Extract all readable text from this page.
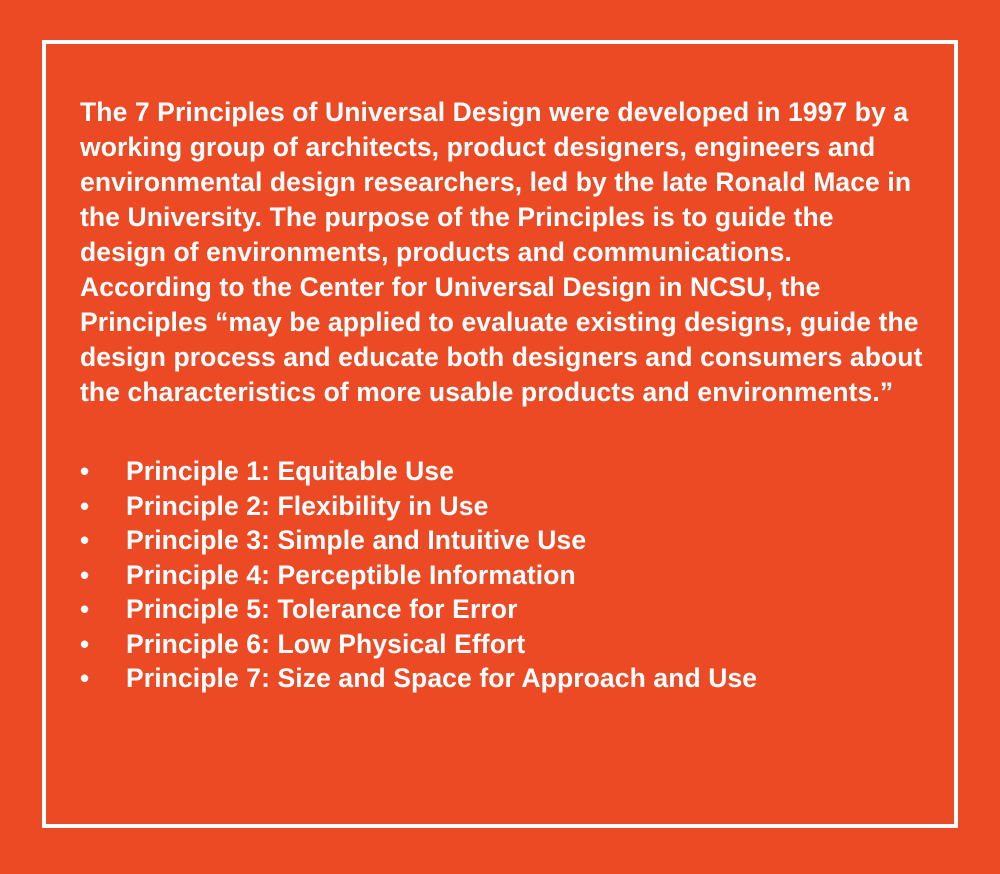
The 7 Principles of Universal Design were developed in 1997 by a working group of architects, product designers, engineers and environmental design researchers, led by the late Ronald Mace in the University. The purpose of the Principles is to guide the design of environments, products and communications. According to the Center for Universal Design in NCSU, the Principles “may be applied to evaluate existing designs, guide the design process and educate both designers and consumers about the characteristics of more usable products and environments.”

•	Principle 1: Equitable Use
•	Principle 2: Flexibility in Use
•	Principle 3: Simple and Intuitive Use
•	Principle 4: Perceptible Information
•	Principle 5: Tolerance for Error
•	Principle 6: Low Physical Effort
•	Principle 7: Size and Space for Approach and Use
